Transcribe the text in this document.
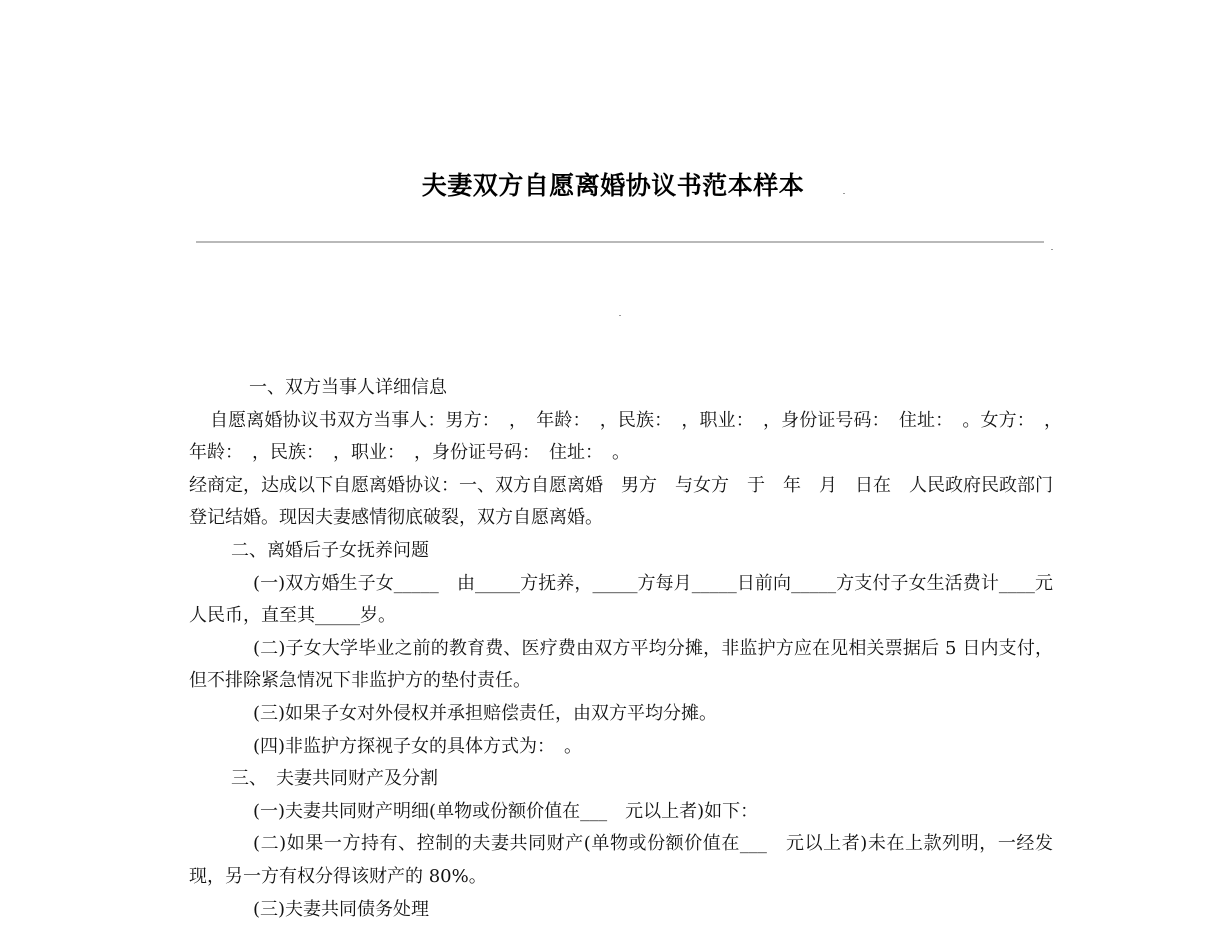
夫妻双方自愿离婚协议书范本样本

一、双方当事人详细信息

自愿离婚协议书双方当事人：男方：　，　年龄：　，民族：　，职业：　，身份证号码：　住址：　。女方：　，　年龄：　，民族：　，职业：　，身份证号码：　住址：　。

经商定，达成以下自愿离婚协议：一、双方自愿离婚　男方　与女方　于　年　月　日在　人民政府民政部门登记结婚。现因夫妻感情彻底破裂，双方自愿离婚。

二、离婚后子女抚养问题

(一)双方婚生子女_____　由_____方抚养，_____方每月_____日前向_____方支付子女生活费计____元人民币，直至其_____岁。

(二)子女大学毕业之前的教育费、医疗费由双方平均分摊，非监护方应在见相关票据后 5 日内支付，但不排除紧急情况下非监护方的垫付责任。

(三)如果子女对外侵权并承担赔偿责任，由双方平均分摊。

(四)非监护方探视子女的具体方式为：　。

三、　夫妻共同财产及分割

(一)夫妻共同财产明细(单物或份额价值在___　元以上者)如下：

(二)如果一方持有、控制的夫妻共同财产(单物或份额价值在___　元以上者)未在上款列明，一经发现，另一方有权分得该财产的 80%。

(三)夫妻共同债务处理
